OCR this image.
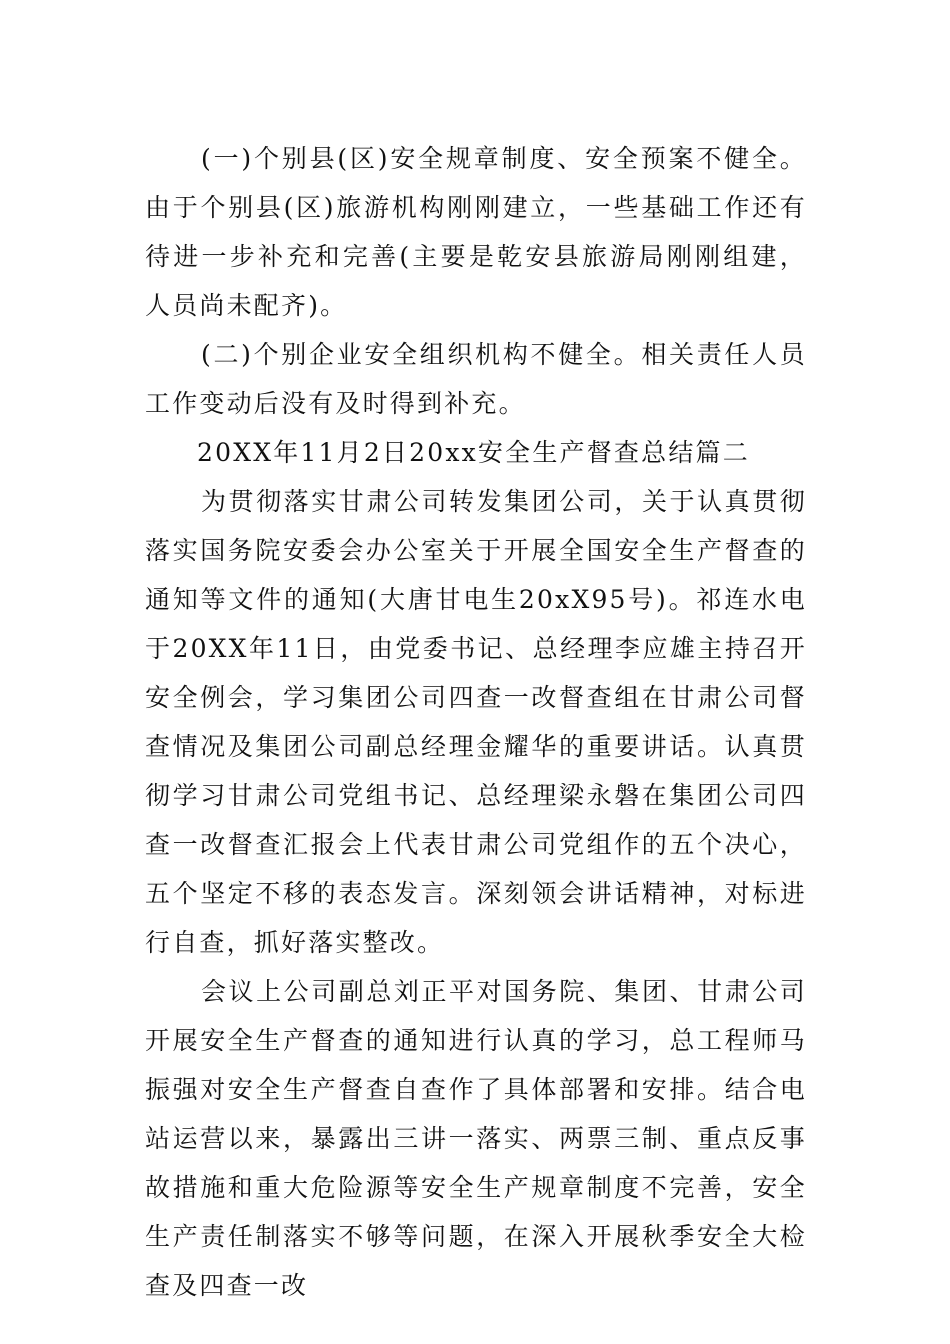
(一)个别县(区)安全规章制度、安全预案不健全。由于个别县(区)旅游机构刚刚建立，一些基础工作还有待进一步补充和完善(主要是乾安县旅游局刚刚组建，人员尚未配齐)。

(二)个别企业安全组织机构不健全。相关责任人员工作变动后没有及时得到补充。

20XX年11月2日20xx安全生产督查总结篇二

为贯彻落实甘肃公司转发集团公司，关于认真贯彻落实国务院安委会办公室关于开展全国安全生产督查的通知等文件的通知(大唐甘电生20xX95号)。祁连水电于20XX年11日，由党委书记、总经理李应雄主持召开安全例会，学习集团公司四查一改督查组在甘肃公司督查情况及集团公司副总经理金耀华的重要讲话。认真贯彻学习甘肃公司党组书记、总经理梁永磐在集团公司四查一改督查汇报会上代表甘肃公司党组作的五个决心，五个坚定不移的表态发言。深刻领会讲话精神，对标进行自查，抓好落实整改。

会议上公司副总刘正平对国务院、集团、甘肃公司开展安全生产督查的通知进行认真的学习，总工程师马振强对安全生产督查自查作了具体部署和安排。结合电站运营以来，暴露出三讲一落实、两票三制、重点反事故措施和重大危险源等安全生产规章制度不完善，安全生产责任制落实不够等问题，在深入开展秋季安全大检查及四查一改
